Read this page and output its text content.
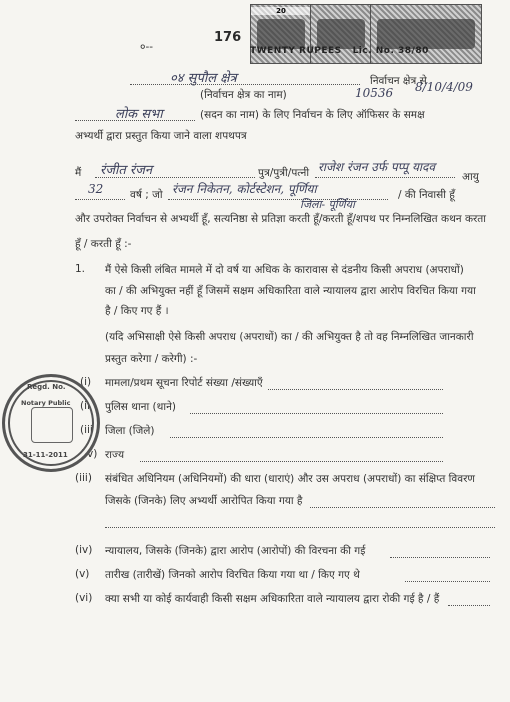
20
TWENTY RUPEES Lic. No. 38/80
०--
176
०४ सुपौल क्षेत्र
(निर्वाचन क्षेत्र का नाम)
निर्वाचन क्षेत्र से
10536 8/10/4/09
लोक सभा	(सदन का नाम) के लिए निर्वाचन के लिए ऑफिसर के समक्ष
अभ्यर्थी द्वारा प्रस्तुत किया जाने वाला शपथपत्र
मैं रंजीत रंजन	पुत्र/पुत्री/पत्नी राजेश रंजन उर्फ पप्पू यादव
आयु
32	वर्ष ; जो रंजन निकेतन, कोर्टस्टेशन, पूर्णिया	/ की निवासी हूँ
जिला- पूर्णिया
और उपरोक्त निर्वाचन से अभ्यर्थी हूँ, सत्यनिष्ठा से प्रतिज्ञा करती हूँ/करती हूँ/शपथ पर निम्नलिखित कथन करता
हूँ / करती हूँ :-
1. मैं ऐसे किसी लंबित मामले में दो वर्ष या अधिक के कारावास से दंडनीय किसी अपराध (अपराधों)
का / की अभियुक्त नहीं हूँ जिसमें सक्षम अधिकारिता वाले न्यायालय द्वारा आरोप विरचित किया गया
है / किए गए हैं ।
(यदि अभिसाक्षी ऐसे किसी अपराध (अपराधों) का / की अभियुक्त है तो वह निम्नलिखित जानकारी
प्रस्तुत करेगा / करेगी) :-
(i) मामला/प्रथम सूचना रिपोर्ट संख्या /संख्याएँ
(ii) पुलिस थाना (थाने)
(iii) जिला (जिले)
(iv) राज्य
(iii) संबंधित अधिनियम (अधिनियमों) की धारा (धाराएं) और उस अपराध (अपराधों) का संक्षिप्त विवरण
जिसके (जिनके) लिए अभ्यर्थी आरोपित किया गया है
(iv) न्यायालय, जिसके (जिनके) द्वारा आरोप (आरोपों) की विरचना की गई
(v) तारीख (तारीखें) जिनको आरोप विरचित किया गया था / किए गए थे
(vi) क्या सभी या कोई कार्यवाही किसी सक्षम अधिकारिता वाले न्यायालय द्वारा रोकी गई है / हैं
Regd. No.
Notary Public
31-11-2011
